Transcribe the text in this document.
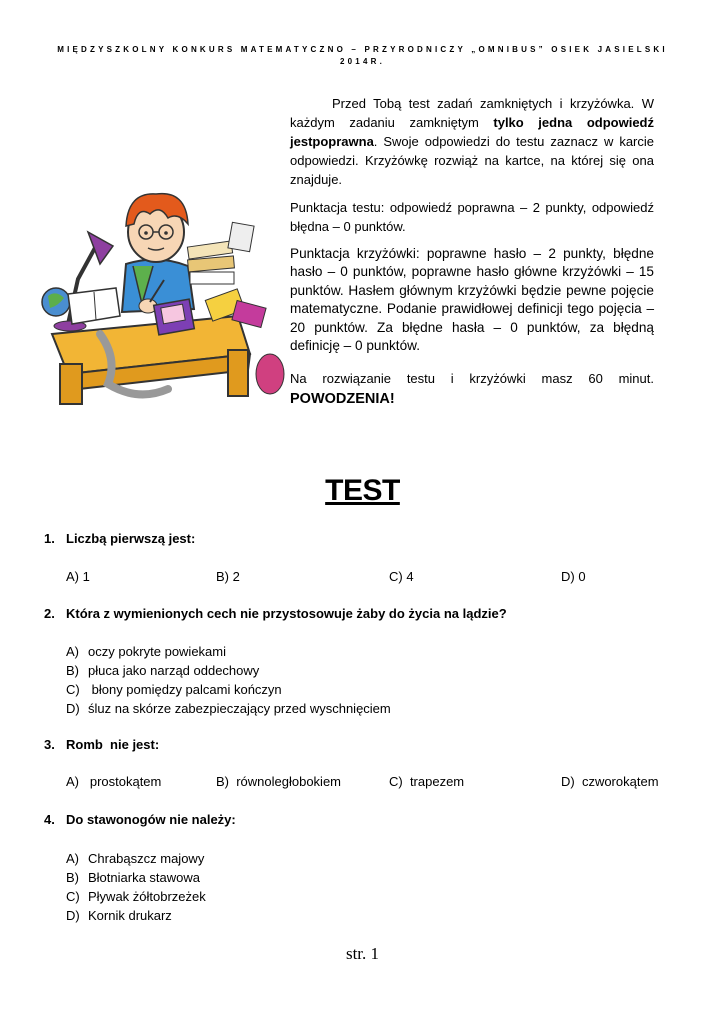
MIĘDZYSZKOLNY KONKURS MATEMATYCZNO – PRZYRODNICZY „OMNIBUS” OSIEK JASIELSKI
2014R.

Przed Tobą test zadań zamkniętych i krzyżówka. W każdym zadaniu zamkniętym tylko jedna odpowiedź jestpoprawna. Swoje odpowiedzi do testu zaznacz w karcie odpowiedzi. Krzyżówkę rozwiąż na kartce, na której się ona znajduje.

Punktacja testu: odpowiedź poprawna – 2 punkty, odpowiedź błędna – 0 punktów.

Punktacja krzyżówki: poprawne hasło – 2 punkty, błędne hasło – 0 punktów, poprawne hasło główne krzyżówki – 15 punktów. Hasłem głównym krzyżówki będzie pewne pojęcie matematyczne. Podanie prawidłowej definicji tego pojęcia – 20 punktów. Za błędne hasła – 0 punktów, za błędną definicję – 0 punktów.

Na rozwiązanie testu i krzyżówki masz 60 minut.
POWODZENIA!

TEST
1. Liczbą pierwszą jest:
A) 1	B) 2	C) 4	D) 0
2. Która z wymienionych cech nie przystosowuje żaby do życia na lądzie?
A) oczy pokryte powiekami
B) płuca jako narząd oddechowy
C) błony pomiędzy palcami kończyn
D) śluz na skórze zabezpieczający przed wyschnięciem
3. Romb  nie jest:
A)   prostokątem	B)  równoległobokiem	C)  trapezem	D)  czworokątem
4. Do stawonogów nie należy:
A) Chrabąszcz majowy
B) Błotniarka stawowa
C) Pływak żółtobrzeżek
D) Kornik drukarz
str. 1
